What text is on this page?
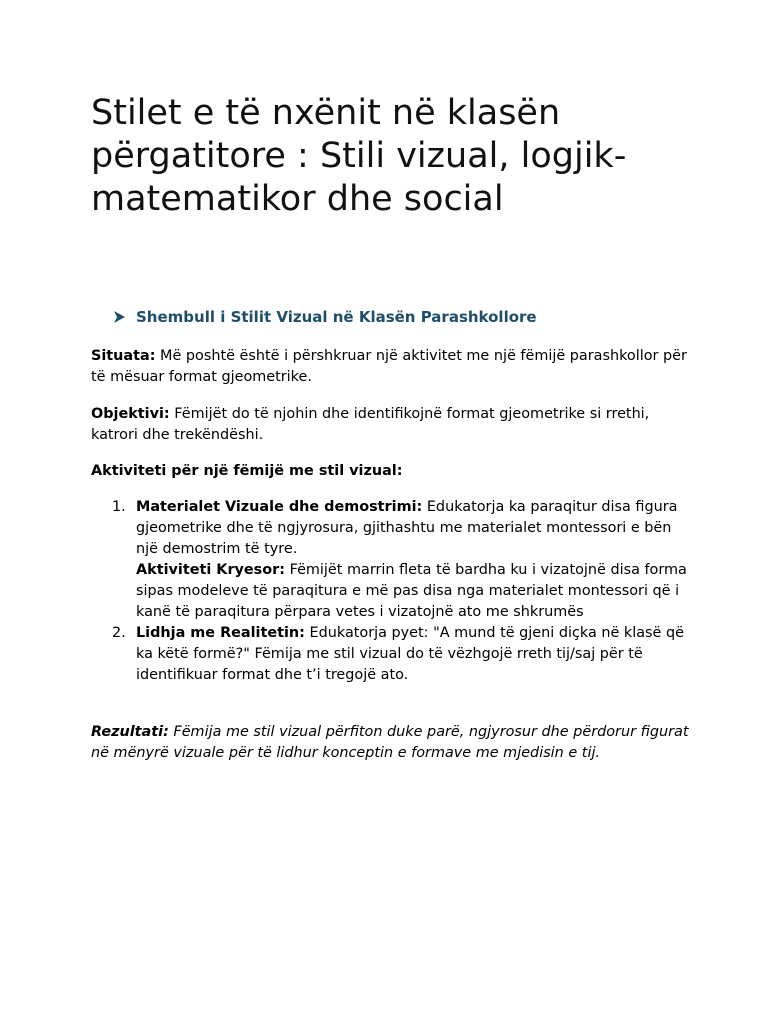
Stilet e të nxënit në klasën përgatitore : Stili vizual, logjik-matematikor dhe social
Shembull i Stilit Vizual në Klasën Parashkollore

Situata: Më poshtë është i përshkruar një aktivitet me një fëmijë parashkollor për të mësuar format gjeometrike.

Objektivi: Fëmijët do të njohin dhe identifikojnë format gjeometrike si rrethi, katrori dhe trekëndëshi.

Aktiviteti për një fëmijë me stil vizual:

1. Materialet Vizuale dhe demostrimi: Edukatorja ka paraqitur disa figura gjeometrike dhe të ngjyrosura, gjithashtu me materialet montessori e bën një demostrim të tyre.
Aktiviteti Kryesor: Fëmijët marrin fleta të bardha ku i vizatojnë disa forma sipas modeleve të paraqitura e më pas disa nga materialet montessori që i kanë të paraqitura përpara vetes i vizatojnë ato me shkrumës
2. Lidhja me Realitetin: Edukatorja pyet: "A mund të gjeni diçka në klasë që ka këtë formë?" Fëmija me stil vizual do të vëzhgojë rreth tij/saj për të identifikuar format dhe t’i tregojë ato.

Rezultati: Fëmija me stil vizual përfiton duke parë, ngjyrosur dhe përdorur figurat në mënyrë vizuale për të lidhur konceptin e formave me mjedisin e tij.
